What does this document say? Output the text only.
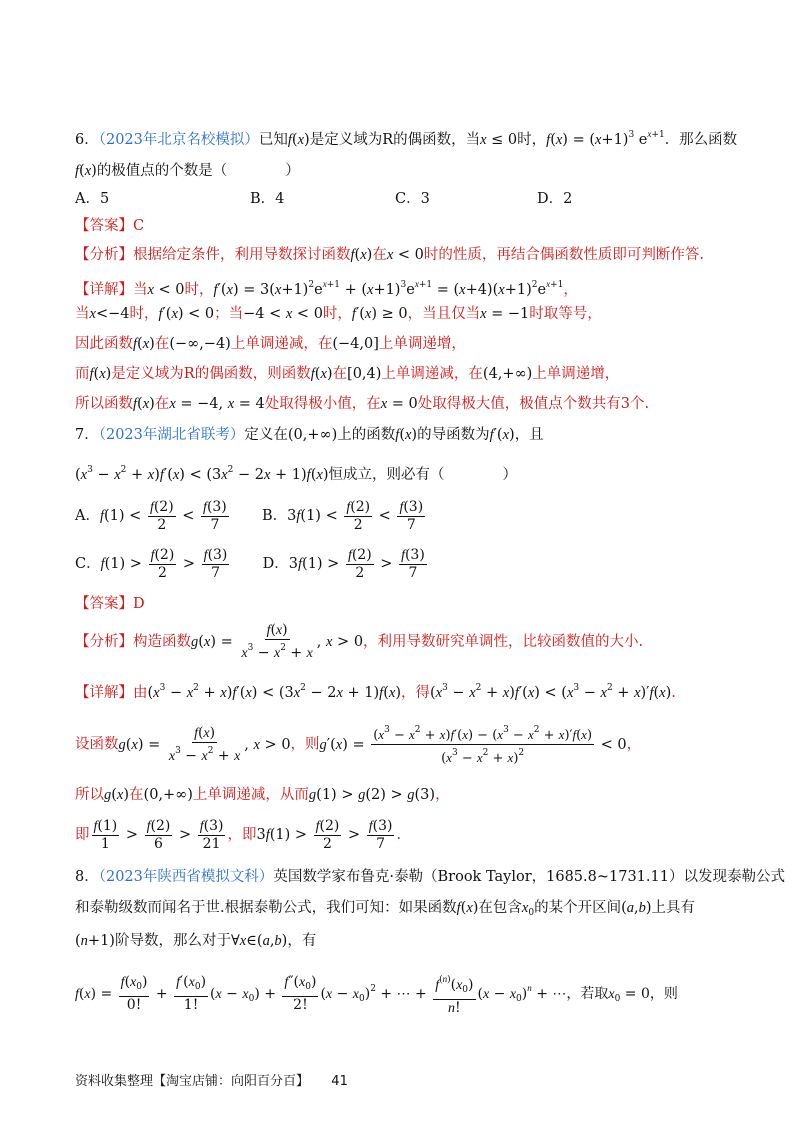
6．（2023年北京名校模拟）已知f(x)是定义域为R的偶函数，当x ≤ 0时，$f(x) = (x+1)^3$ $e^{x+1}$．那么函数
f(x)的极值点的个数是（　　　　）
A．5	B．4	C．3	D．2
【答案】C
【分析】根据给定条件，利用导数探讨函数f(x)在x < 0时的性质，再结合偶函数性质即可判断作答.
【详解】当x < 0时，$f'(x) = 3(x+1)^2e^{x+1} + (x+1)^3e^{x+1} = (x+4)(x+1)^2e^{x+1}$，
当x<−4时，f′(x) < 0；当−4 < x < 0时，f′(x) ≥ 0，当且仅当x = −1时取等号，
因此函数f(x)在(−∞,−4)上单调递减，在(−4,0]上单调递增，
而f(x)是定义域为R的偶函数，则函数f(x)在[0,4)上单调递减，在(4,+∞)上单调递增，
所以函数f(x)在x = −4, x = 4处取得极小值，在x = 0处取得极大值，极值点个数共有3个.
7．（2023年湖北省联考）定义在(0,+∞)上的函数f(x)的导函数为f′(x)，且
$(x^3 - x^2 + x)f'(x) < (3x^2 - 2x + 1)f(x)$恒成立，则必有（　　　　）
A．$f(1) < \frac{f(2)}{2} < \frac{f(3)}{7}$ B．$3f(1) < \frac{f(2)}{2} < \frac{f(3)}{7}$
C．$f(1) > \frac{f(2)}{2} > \frac{f(3)}{7}$ D．$3f(1) > \frac{f(2)}{2} > \frac{f(3)}{7}$
【答案】D
【分析】构造函数$g(x) = \frac{f(x)}{x^3 - x^2 + x}$ , x > 0，利用导数研究单调性，比较函数值的大小.
【详解】由$(x^3 - x^2 + x)f'(x) < (3x^2 - 2x + 1)f(x)$，得$(x^3 - x^2 + x)f'(x) < (x^3 - x^2 + x)'f(x)$.
设函数$g(x) = \frac{f(x)}{x^3 - x^2 + x}$ , x > 0，则$g'(x) = \frac{(x^3 - x^2 + x)f'(x) - (x^3 - x^2 + x)'f(x)}{(x^3 - x^2 + x)^2} < 0$，
所以g(x)在(0,+∞)上单调递减，从而g(1) > g(2) > g(3)，
即 $\frac{f(1)}{1} > \frac{f(2)}{6} > \frac{f(3)}{21}$ ，即$3f(1) > \frac{f(2)}{2} > \frac{f(3)}{7}$ .
8．（2023年陕西省模拟文科）英国数学家布鲁克·泰勒（Brook Taylor，1685.8~1731.11）以发现泰勒公式
和泰勒级数而闻名于世.根据泰勒公式，我们可知：如果函数f(x)在包含$x_0$的某个开区间(a,b)上具有
(n+1)阶导数，那么对于∀x∈(a,b)，有
$f(x) = \frac{f(x_0)}{0!} + \frac{f'(x_0)}{1!} (x - x_0) + \frac{f''(x_0)}{2!} (x - x_0)^2$ + ⋯ + $\frac{f^{(n)}(x_0)}{n!} (x - x_0)^n$ + ⋯，若取$x_0 = 0$，则
资料收集整理【淘宝店铺：向阳百分百】 41
